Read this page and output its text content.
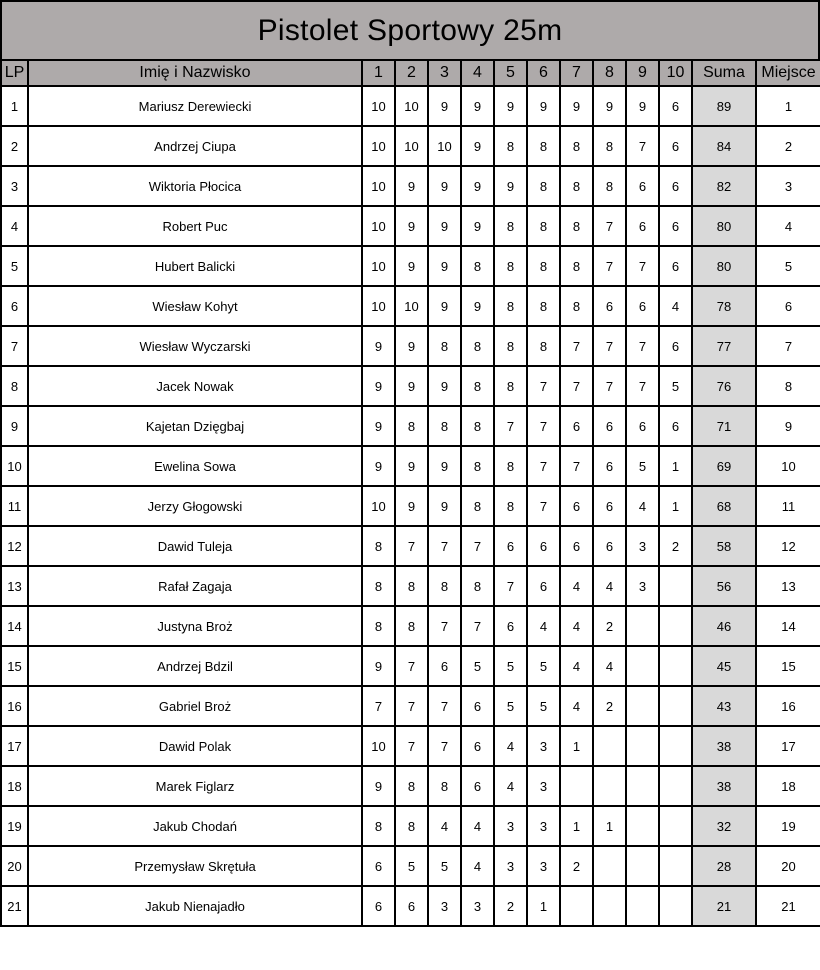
Pistolet Sportowy 25m
LP	Imię i Nazwisko	1	2	3	4	5	6	7	8	9	10	Suma	Miejsce
1	Mariusz Derewiecki	10	10	9	9	9	9	9	9	9	6	89	1
2	Andrzej Ciupa	10	10	10	9	8	8	8	8	7	6	84	2
3	Wiktoria Płocica	10	9	9	9	9	8	8	8	6	6	82	3
4	Robert Puc	10	9	9	9	8	8	8	7	6	6	80	4
5	Hubert Balicki	10	9	9	8	8	8	8	7	7	6	80	5
6	Wiesław Kohyt	10	10	9	9	8	8	8	6	6	4	78	6
7	Wiesław Wyczarski	9	9	8	8	8	8	7	7	7	6	77	7
8	Jacek Nowak	9	9	9	8	8	7	7	7	7	5	76	8
9	Kajetan Dzięgbaj	9	8	8	8	7	7	6	6	6	6	71	9
10	Ewelina Sowa	9	9	9	8	8	7	7	6	5	1	69	10
11	Jerzy Głogowski	10	9	9	8	8	7	6	6	4	1	68	11
12	Dawid Tuleja	8	7	7	7	6	6	6	6	3	2	58	12
13	Rafał Zagaja	8	8	8	8	7	6	4	4	3		56	13
14	Justyna Broż	8	8	7	7	6	4	4	2			46	14
15	Andrzej Bdzil	9	7	6	5	5	5	4	4			45	15
16	Gabriel Broż	7	7	7	6	5	5	4	2			43	16
17	Dawid Polak	10	7	7	6	4	3	1				38	17
18	Marek Figlarz	9	8	8	6	4	3					38	18
19	Jakub Chodań	8	8	4	4	3	3	1	1			32	19
20	Przemysław Skrętuła	6	5	5	4	3	3	2				28	20
21	Jakub Nienajadło	6	6	3	3	2	1					21	21
